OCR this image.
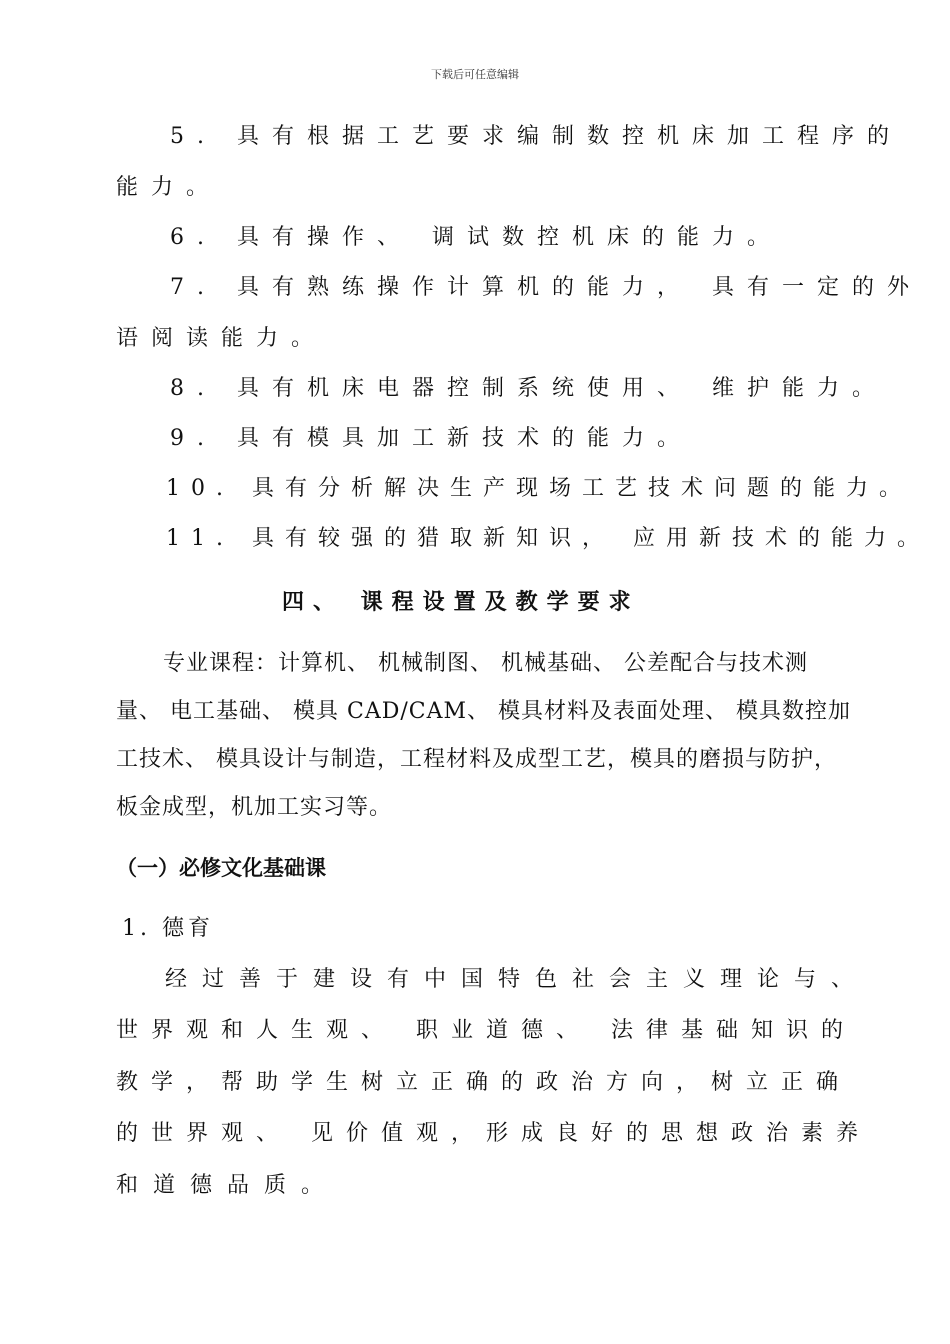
下载后可任意编辑
5. 具有根据工艺要求编制数控机床加工程序的
能力。
6. 具有操作、 调试数控机床的能力。
7. 具有熟练操作计算机的能力， 具有一定的外
语阅读能力。
8. 具有机床电器控制系统使用、 维护能力。
9. 具有模具加工新技术的能力。
10. 具有分析解决生产现场工艺技术问题的能力。
11. 具有较强的猎取新知识， 应用新技术的能力。
四、 课程设置及教学要求
专业课程：计算机、 机械制图、 机械基础、 公差配合与技术测
量、 电工基础、 模具 CAD/CAM、 模具材料及表面处理、 模具数控加
工技术、 模具设计与制造，工程材料及成型工艺，模具的磨损与防护，
板金成型，机加工实习等。
（一）必修文化基础课
1. 德育
经过善于建设有中国特色社会主义理论与、
世界观和人生观、 职业道德、 法律基础知识的
教学，帮助学生树立正确的政治方向，树立正确
的世界观、 见价值观，形成良好的思想政治素养
和道德品质。
